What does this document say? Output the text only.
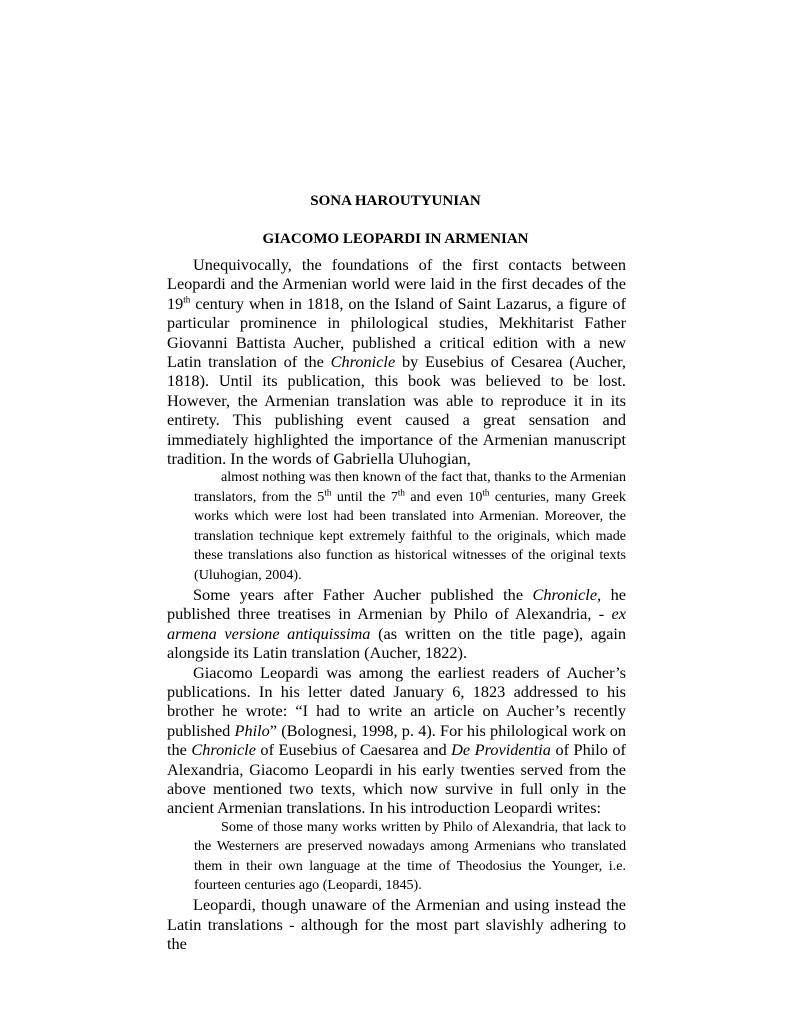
SONA HAROUTYUNIAN
GIACOMO LEOPARDI IN ARMENIAN

Unequivocally, the foundations of the first contacts between Leopardi and the Armenian world were laid in the first decades of the 19th century when in 1818, on the Island of Saint Lazarus, a figure of particular prominence in philological studies, Mekhitarist Father Giovanni Battista Aucher, published a critical edition with a new Latin translation of the Chronicle by Eusebius of Cesarea (Aucher, 1818). Until its publication, this book was believed to be lost. However, the Armenian translation was able to reproduce it in its entirety. This publishing event caused a great sensation and immediately highlighted the importance of the Armenian manuscript tradition. In the words of Gabriella Uluhogian,

almost nothing was then known of the fact that, thanks to the Armenian translators, from the 5th until the 7th and even 10th centuries, many Greek works which were lost had been translated into Armenian. Moreover, the translation technique kept extremely faithful to the originals, which made these translations also function as historical witnesses of the original texts (Uluhogian, 2004).

Some years after Father Aucher published the Chronicle, he published three treatises in Armenian by Philo of Alexandria, - ex armena versione antiquissima (as written on the title page), again alongside its Latin translation (Aucher, 1822).

Giacomo Leopardi was among the earliest readers of Aucher’s publications. In his letter dated January 6, 1823 addressed to his brother he wrote: “I had to write an article on Aucher’s recently published Philo” (Bolognesi, 1998, p. 4). For his philological work on the Chronicle of Eusebius of Caesarea and De Providentia of Philo of Alexandria, Giacomo Leopardi in his early twenties served from the above mentioned two texts, which now survive in full only in the ancient Armenian translations. In his introduction Leopardi writes:

Some of those many works written by Philo of Alexandria, that lack to the Westerners are preserved nowadays among Armenians who translated them in their own language at the time of Theodosius the Younger, i.e. fourteen centuries ago (Leopardi, 1845).

Leopardi, though unaware of the Armenian and using instead the Latin translations - although for the most part slavishly adhering to the
